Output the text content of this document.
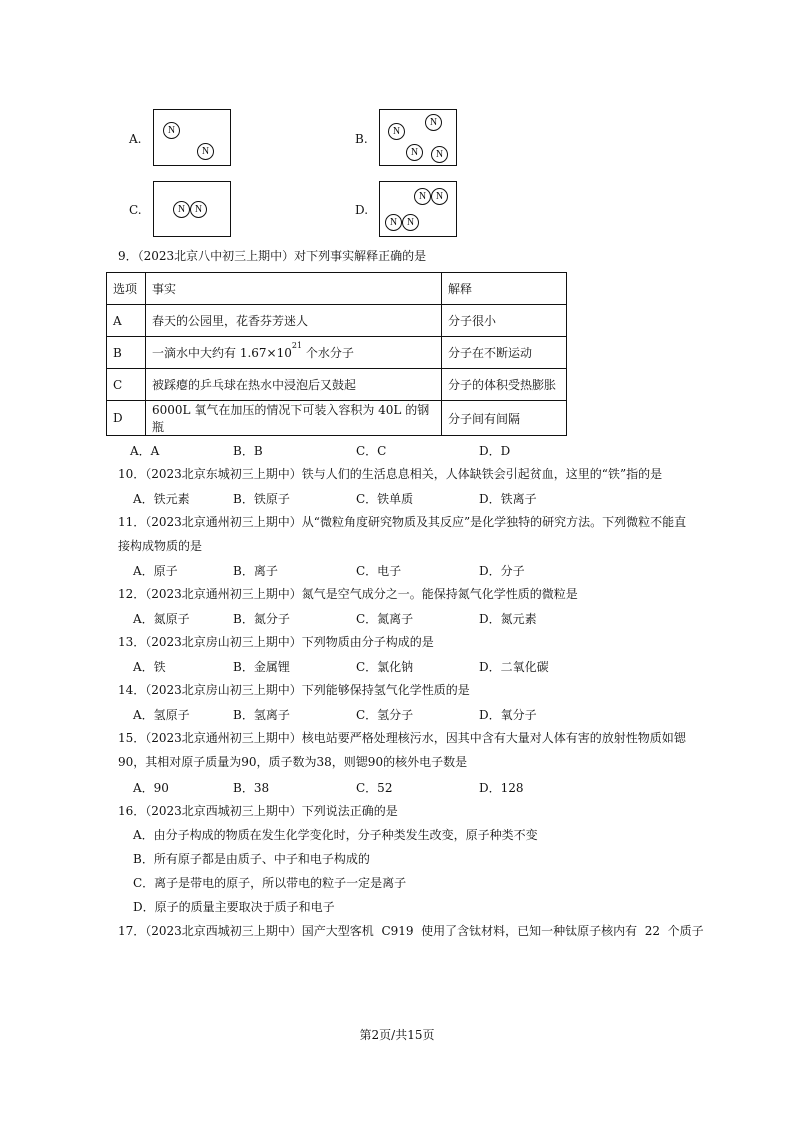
A.
N
N
B.
N
N
N	N
C.	N N	D.
N N
N N
9．（2023北京八中初三上期中）对下列事实解释正确的是
选项	事实	解释
A	春天的公园里，花香芬芳迷人	分子很小
B	一滴水中大约有 $1.67\times 10^{21}$ 个水分子	分子在不断运动
C	被踩瘪的乒乓球在热水中浸泡后又鼓起	分子的体积受热膨胀
D	6000L 氧气在加压的情况下可装入容积为 40L 的钢瓶	分子间有间隔
A．A	B．B	C．C	D．D
10．（2023北京东城初三上期中）铁与人们的生活息息相关，人体缺铁会引起贫血，这里的“铁”指的是
A．铁元素	B．铁原子	C．铁单质	D．铁离子
11．（2023北京通州初三上期中）从“微粒角度研究物质及其反应”是化学独特的研究方法。下列微粒不能直
接构成物质的是
A．原子	B．离子	C．电子	D．分子
12．（2023北京通州初三上期中）氮气是空气成分之一。能保持氮气化学性质的微粒是
A．氮原子	B．氮分子	C．氮离子	D．氮元素
13．（2023北京房山初三上期中）下列物质由分子构成的是
A．铁	B．金属锂	C．氯化钠	D．二氧化碳
14．（2023北京房山初三上期中）下列能够保持氢气化学性质的是
A．氢原子	B．氢离子	C．氢分子	D．氧分子
15．（2023北京通州初三上期中）核电站要严格处理核污水，因其中含有大量对人体有害的放射性物质如锶
90，其相对原子质量为90，质子数为38，则锶90的核外电子数是
A．90	B．38	C．52	D．128
16．（2023北京西城初三上期中）下列说法正确的是
A．由分子构成的物质在发生化学变化时，分子种类发生改变，原子种类不变
B．所有原子都是由质子、中子和电子构成的
C．离子是带电的原子，所以带电的粒子一定是离子
D．原子的质量主要取决于质子和电子
17．（2023北京西城初三上期中）国产大型客机  C919  使用了含钛材料，已知一种钛原子核内有  22  个质子
第2页/共15页
